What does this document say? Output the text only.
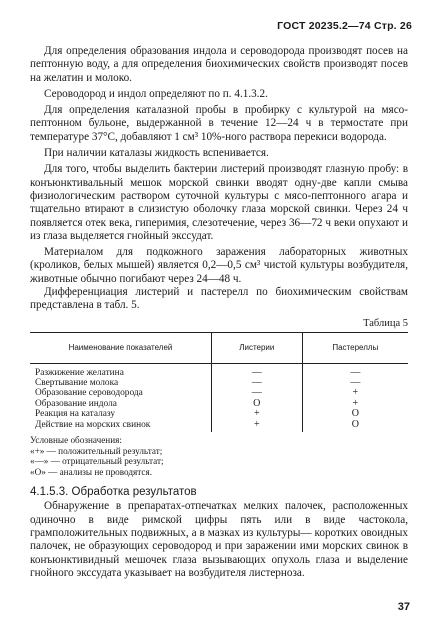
ГОСТ 20235.2—74 Стр. 26

Для определения образования индола и сероводорода производят посев на пептонную воду, а для определения биохимических свойств производят посев на желатин и молоко.

Сероводород и индол определяют по п. 4.1.3.2.

Для определения каталазной пробы в пробирку с культурой на мясо-пептонном бульоне, выдержанной в течение 12—24 ч в термостате при температуре 37°С, добавляют 1 см³ 10%-ного раствора перекиси водорода.

При наличии каталазы жидкость вспенивается.

Для того, чтобы выделить бактерии листерий производят глазную пробу: в конъюнктивальный мешок морской свинки вводят одну-две капли смыва физиологическим раствором суточной культуры с мясо-пептонного агара и тщательно втирают в слизистую оболочку глаза морской свинки. Через 24 ч появляется отек века, гиперимия, слезотечение, через 36—72 ч веки опухают и из глаза выделяется гнойный экссудат.

Материалом для подкожного заражения лабораторных животных (кроликов, белых мышей) является 0,2—0,5 см³ чистой культуры возбудителя, животные обычно погибают через 24—48 ч.

Дифференциация листерий и пастерелл по биохимическим свойствам представлена в табл. 5.

Таблица 5
Наименование показателей	Листерии	Пастереллы
Разжижение желатина	—	—
Свертывание молока	—	—
Образование сероводорода	—	+
Образование индола	O	+
Реакция на каталазу	+	O
Действие на морских свинок	+	O
Условные обозначения:
«+» — положительный результат;
«—» — отрицательный результат;
«О» — анализы не проводятся.
4.1.5.3. Обработка результатов

Обнаружение в препаратах-отпечатках мелких палочек, расположенных одиночно в виде римской цифры пять или в виде частокола, грамположительных подвижных, а в мазках из культуры— коротких овоидных палочек, не образующих сероводород и при заражении ими морских свинок в конъюнктивидный мешочек глаза вызывающих опухоль глаза и выделение гнойного экссудата указывает на возбудителя листерноза.

37
